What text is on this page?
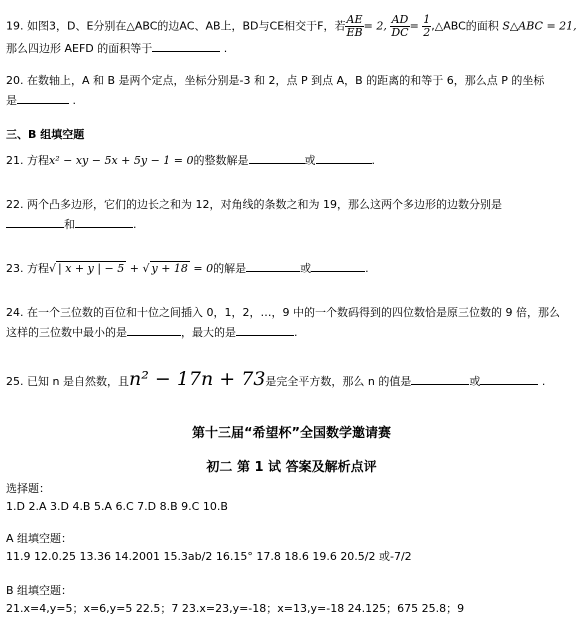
19. 如图3，D、E分别在△ABC的边AC、AB上，BD与CE相交于F，若 $\frac{AE}{EB} = 2$, $\frac{AD}{DC} = \frac{1}{2}$ ,△ABC的面积 S△ABC = 21,
那么四边形 AEFD 的面积等于	.
20. 在数轴上，A 和 B 是两个定点，坐标分别是-3 和 2，点 P 到点 A，B 的距离的和等于 6，那么点 P 的坐标
是	.
三、B 组填空题
21. 方程x² − xy − 5x + 5y − 1 = 0的整数解是	或	.
22. 两个凸多边形，它们的边长之和为 12，对角线的条数之和为 19，那么这两个多边形的边数分别是
和	.
23. 方程√ | x + y | − 5 + √ y + 18 = 0的解是	或	.
24. 在一个三位数的百位和十位之间插入 0，1，2，…，9 中的一个数码得到的四位数恰是原三位数的 9 倍，那么
这样的三位数中最小的是	，最大的是	.
25. 已知 n 是自然数，且n² − 17n + 73是完全平方数，那么 n 的值是	或	.
第十三届“希望杯”全国数学邀请赛
初二 第 1 试 答案及解析点评
选择题：
1.D 2.A 3.D 4.B 5.A 6.C 7.D 8.B 9.C 10.B
A 组填空题：
11.9 12.0.25 13.36 14.2001 15.3ab/2 16.15° 17.8 18.6 19.6 20.5/2 或-7/2
B 组填空题：
21.x=4,y=5；x=6,y=5 22.5；7 23.x=23,y=-18；x=13,y=-18 24.125；675 25.8；9
